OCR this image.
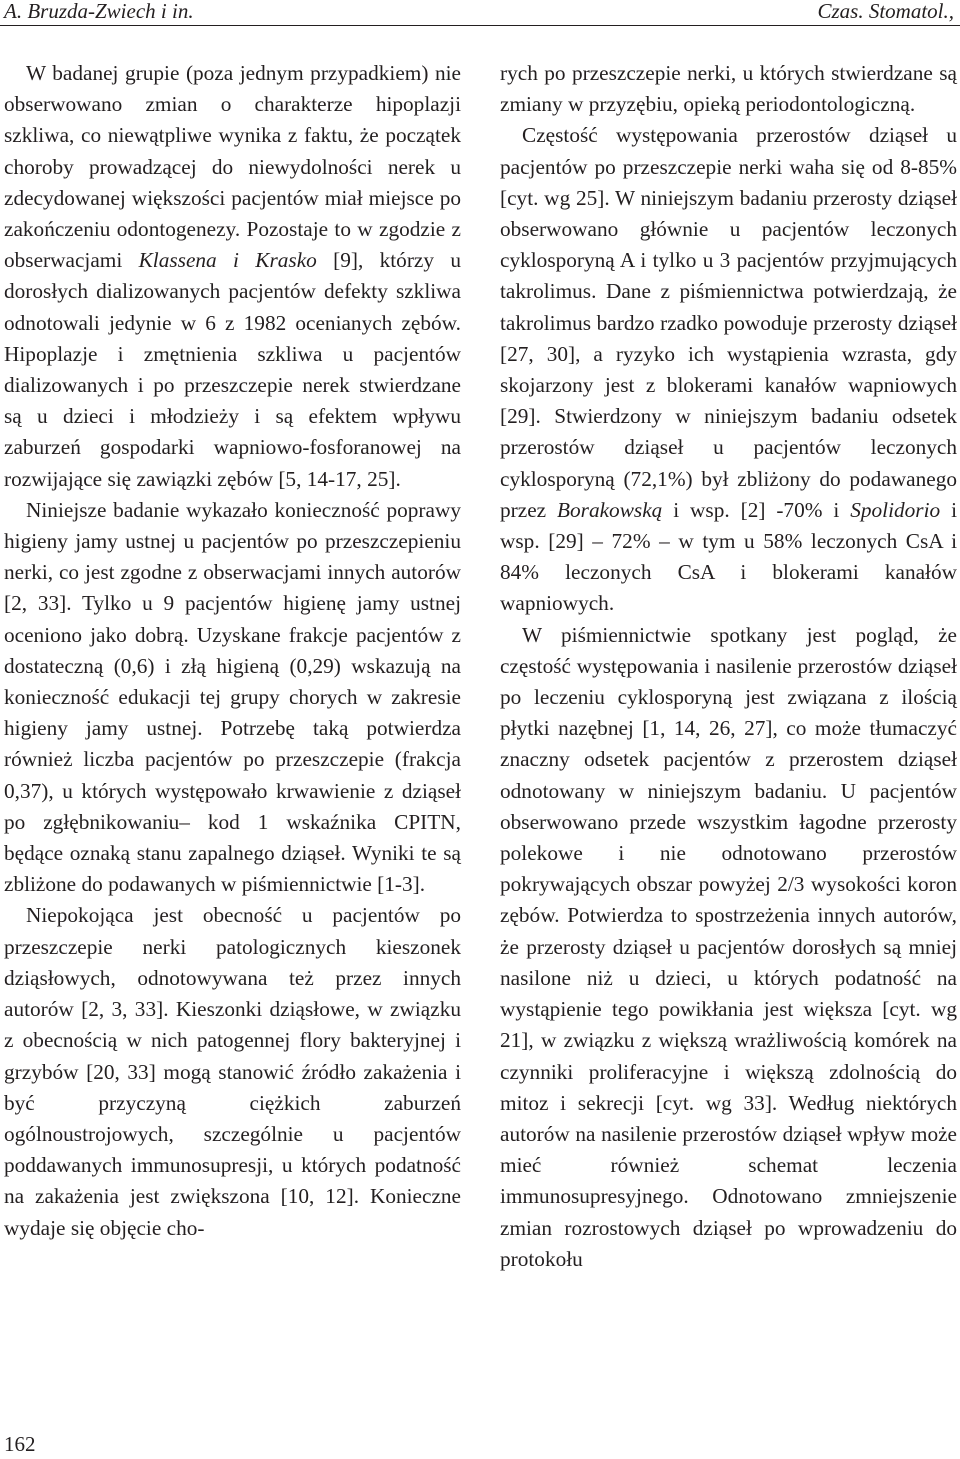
A. Bruzda-Zwiech i in.	Czas. Stomatol.,

W badanej grupie (poza jednym przypadkiem) nie obserwowano zmian o charakterze hipoplazji szkliwa, co niewątpliwe wynika z faktu, że początek choroby prowadzącej do niewydolności nerek u zdecydowanej większości pacjentów miał miejsce po zakończeniu odontogenezy. Pozostaje to w zgodzie z obserwacjami Klassena i Krasko [9], którzy u dorosłych dializowanych pacjentów defekty szkliwa odnotowali jedynie w 6 z 1982 ocenianych zębów. Hipoplazje i zmętnienia szkliwa u pacjentów dializowanych i po przeszczepie nerek stwierdzane są u dzieci i młodzieży i są efektem wpływu zaburzeń gospodarki wapniowo-fosforanowej na rozwijające się zawiązki zębów [5, 14-17, 25].

Niniejsze badanie wykazało konieczność poprawy higieny jamy ustnej u pacjentów po przeszczepieniu nerki, co jest zgodne z obserwacjami innych autorów [2, 33]. Tylko u 9 pacjentów higienę jamy ustnej oceniono jako dobrą. Uzyskane frakcje pacjentów z dostateczną (0,6) i złą higieną (0,29) wskazują na konieczność edukacji tej grupy chorych w zakresie higieny jamy ustnej. Potrzebę taką potwierdza również liczba pacjentów po przeszczepie (frakcja 0,37), u których występowało krwawienie z dziąseł po zgłębnikowaniu– kod 1 wskaźnika CPITN, będące oznaką stanu zapalnego dziąseł. Wyniki te są zbliżone do podawanych w piśmiennictwie [1-3].

Niepokojąca jest obecność u pacjentów po przeszczepie nerki patologicznych kieszonek dziąsłowych, odnotowywana też przez innych autorów [2, 3, 33]. Kieszonki dziąsłowe, w związku z obecnością w nich patogennej flory bakteryjnej i grzybów [20, 33] mogą stanowić źródło zakażenia i być przyczyną ciężkich zaburzeń ogólnoustrojowych, szczególnie u pacjentów poddawanych immunosupresji, u których podatność na zakażenia jest zwiększona [10, 12]. Konieczne wydaje się objęcie cho-

rych po przeszczepie nerki, u których stwierdzane są zmiany w przyzębiu, opieką periodontologiczną.

Częstość występowania przerostów dziąseł u pacjentów po przeszczepie nerki waha się od 8-85% [cyt. wg 25]. W niniejszym badaniu przerosty dziąseł obserwowano głównie u pacjentów leczonych cyklosporyną A i tylko u 3 pacjentów przyjmujących takrolimus. Dane z piśmiennictwa potwierdzają, że takrolimus bardzo rzadko powoduje przerosty dziąseł [27, 30], a ryzyko ich wystąpienia wzrasta, gdy skojarzony jest z blokerami kanałów wapniowych [29]. Stwierdzony w niniejszym badaniu odsetek przerostów dziąseł u pacjentów leczonych cyklosporyną (72,1%) był zbliżony do podawanego przez Borakowską i wsp. [2] -70% i Spolidorio i wsp. [29] – 72% – w tym u 58% leczonych CsA i 84% leczonych CsA i blokerami kanałów wapniowych.

W piśmiennictwie spotkany jest pogląd, że częstość występowania i nasilenie przerostów dziąseł po leczeniu cyklosporyną jest związana z ilością płytki nazębnej [1, 14, 26, 27], co może tłumaczyć znaczny odsetek pacjentów z przerostem dziąseł odnotowany w niniejszym badaniu. U pacjentów obserwowano przede wszystkim łagodne przerosty polekowe i nie odnotowano przerostów pokrywających obszar powyżej 2/3 wysokości koron zębów. Potwierdza to spostrzeżenia innych autorów, że przerosty dziąseł u pacjentów dorosłych są mniej nasilone niż u dzieci, u których podatność na wystąpienie tego powikłania jest większa [cyt. wg 21], w związku z większą wrażliwością komórek na czynniki proliferacyjne i większą zdolnością do mitoz i sekrecji [cyt. wg 33]. Według niektórych autorów na nasilenie przerostów dziąseł wpływ może mieć również schemat leczenia immunosupresyjnego. Odnotowano zmniejszenie zmian rozrostowych dziąseł po wprowadzeniu do protokołu

162
